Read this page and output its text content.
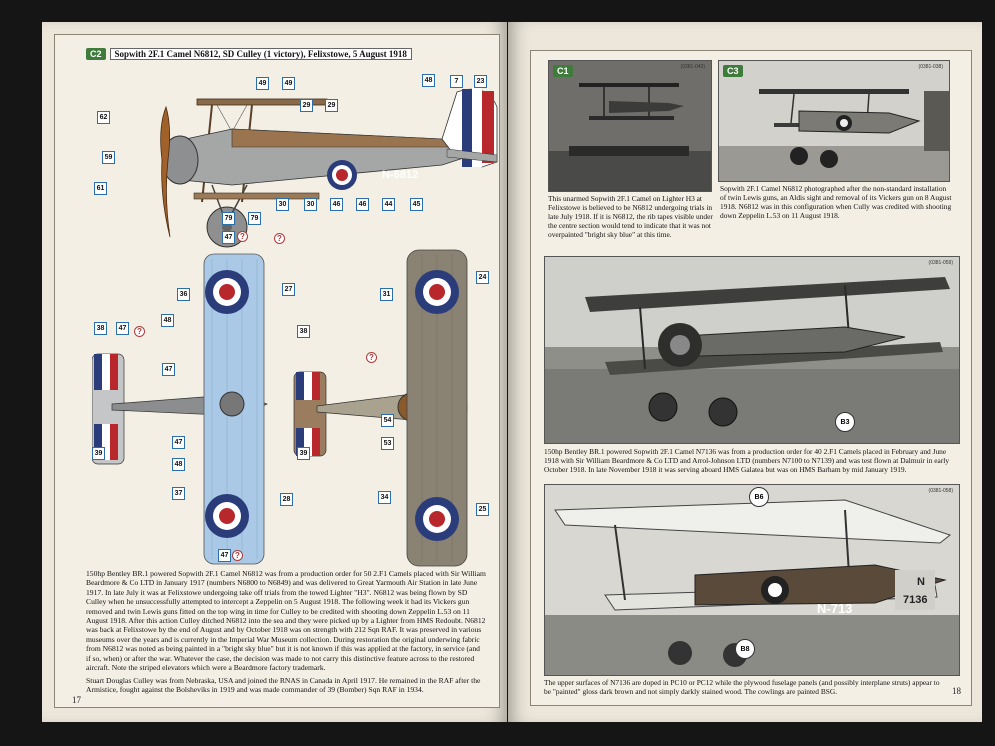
C2	Sopwith 2F.1 Camel N6812, SD Culley (1 victory), Felixstowe, 5 August 1918
N-6812
49	49	48	7	23
62
29	29
59
61
30	30	46	46	44	45
79	79
47
36
27
24
31
38	47
48
38
47
37
28	34
25
39
47
48
54
53
39
47
?
?
?
?
?
150hp Bentley BR.1 powered Sopwith 2F.1 Camel N6812 was from a production order for 50 2.F1 Camels placed with Sir William Beardmore & Co LTD in January 1917 (numbers N6800 to N6849) and was delivered to Great Yarmouth Air Station in late June 1917. In late July it was at Felixstowe undergoing take off trials from the towed Lighter "H3". N6812 was being flown by SD Culley when he unsuccessfully attempted to intercept a Zeppelin on 5 August 1918. The following week it had its Vickers gun removed and twin Lewis guns fitted on the top wing in time for Culley to be credited with shooting down Zeppelin L.53 on 11 August 1918. After this action Culley ditched N6812 into the sea and they were picked up by a Lighter from HMS Redoubt. N6812 was back at Felixstowe by the end of August and by October 1918 was on strength with 212 Sqn RAF. It was preserved in various museums over the years and is currently in the Imperial War Museum collection. During restoration the original underwing fabric from N6812 was noted as being painted in a "bright sky blue" but it is not known if this was applied at the factory, in service (and if so, when) or after the war. Whatever the case, the decision was made to not carry this distinctive feature across to the restored aircraft. Note the striped elevators which were a Beardmore factory trademark.
Stuart Douglas Culley was from Nebraska, USA and joined the RNAS in Canada in April 1917. He remained in the RAF after the Armistice, fought against the Bolsheviks in 1919 and was made commander of 39 (Bomber) Sqn RAF in 1934.
17
C1	(0381-043)
This unarmed Sopwith 2F.1 Camel on Lighter H3 at Felixstowe is believed to be N6812 undergoing trials in late July 1918. If it is N6812, the rib tapes visible under the centre section would tend to indicate that it was not overpainted "bright sky blue" at this time.
C3	(0381-038)
Sopwith 2F.1 Camel N6812 photographed after the non-standard installation of twin Lewis guns, an Aldis sight and removal of its Vickers gun on 8 August 1918. N6812 was in this configuration when Cully was credited with shooting down Zeppelin L.53 on 11 August 1918.
(0381-059)
B3
150hp Bentley BR.1 powered Sopwith 2F.1 Camel N7136 was from a production order for 40 2.F1 Camels placed in February and June 1918 with Sir William Beardmore & Co LTD and Arrol-Johnson LTD (numbers N7100 to N7139) and was test flown at Dalmuir in early October 1918. In late November 1918 it was serving aboard HMS Galatea but was on HMS Barham by mid January 1919.
N-713
N
7136
(0381-058)
B6
B8
The upper surfaces of N7136 are doped in PC10 or PC12 while the plywood fuselage panels (and possibly interplane struts) appear to be "painted" gloss dark brown and not simply darkly stained wood. The cowlings are painted BSG.	18
